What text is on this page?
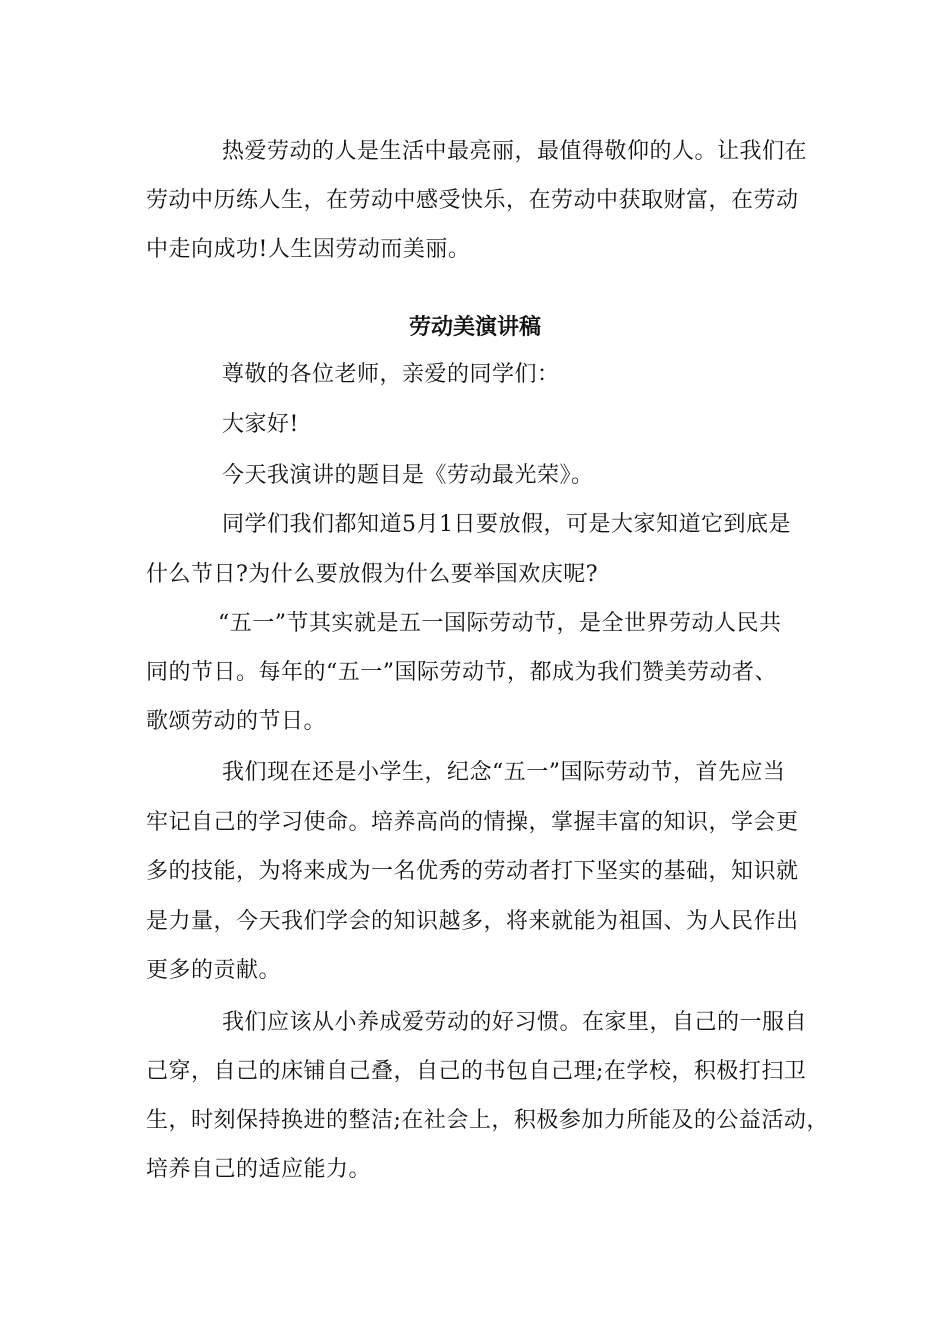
热爱劳动的人是生活中最亮丽，最值得敬仰的人。让我们在
劳动中历练人生，在劳动中感受快乐，在劳动中获取财富，在劳动
中走向成功!人生因劳动而美丽。
劳动美演讲稿
尊敬的各位老师，亲爱的同学们：
大家好!
今天我演讲的题目是《劳动最光荣》。
同学们我们都知道5月1日要放假，可是大家知道它到底是
什么节日?为什么要放假为什么要举国欢庆呢?
“五一”节其实就是五一国际劳动节，是全世界劳动人民共
同的节日。每年的“五一”国际劳动节，都成为我们赞美劳动者、
歌颂劳动的节日。
我们现在还是小学生，纪念“五一”国际劳动节，首先应当
牢记自己的学习使命。培养高尚的情操，掌握丰富的知识，学会更
多的技能，为将来成为一名优秀的劳动者打下坚实的基础，知识就
是力量，今天我们学会的知识越多，将来就能为祖国、为人民作出
更多的贡献。
我们应该从小养成爱劳动的好习惯。在家里，自己的一服自
己穿，自己的床铺自己叠，自己的书包自己理;在学校，积极打扫卫
生，时刻保持换进的整洁;在社会上，积极参加力所能及的公益活动，
培养自己的适应能力。
